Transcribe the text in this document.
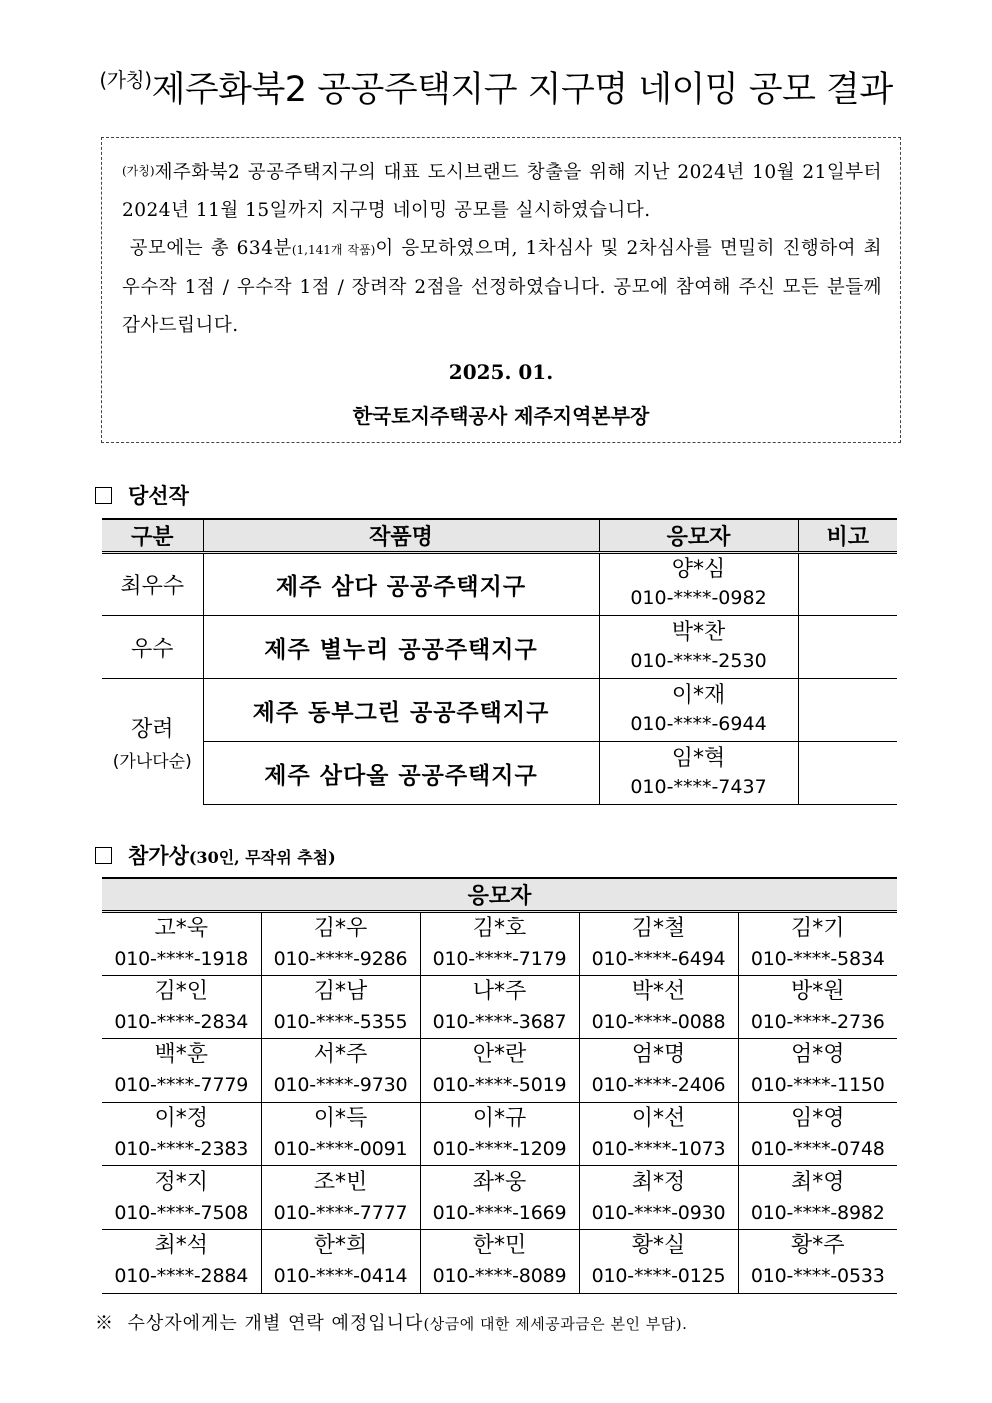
$^{(가칭)}$제주화북2 공공주택지구 지구명 네이밍 공모 결과

(가칭)제주화북2 공공주택지구의 대표 도시브랜드 창출을 위해 지난 2024년 10월 21일부터 2024년 11월 15일까지 지구명 네이밍 공모를 실시하였습니다.

공모에는 총 634분(1,141개 작품)이 응모하였으며, 1차심사 및 2차심사를 면밀히 진행하여 최우수작 1점 / 우수작 1점 / 장려작 2점을 선정하였습니다. 공모에 참여해 주신 모든 분들께 감사드립니다.

2025. 01.
한국토지주택공사 제주지역본부장
당선작
구분	작품명	응모자	비고
최우수	제주 삼다 공공주택지구	양*심
010-****-0982	

우수	제주 별누리 공공주택지구	박*찬
010-****-2530	

장려
(가나다순)	제주 동부그린 공공주택지구	이*재
010-****-6944	

	제주 삼다올 공공주택지구	임*혁
010-****-7437	

참가상(30인, 무작위 추첨)
응모자				

고*욱
010-****-1918	김*우
010-****-9286	김*호
010-****-7179	김*철
010-****-6494	김*기
010-****-5834

김*인
010-****-2834	김*남
010-****-5355	나*주
010-****-3687	박*선
010-****-0088	방*원
010-****-2736

백*훈
010-****-7779	서*주
010-****-9730	안*란
010-****-5019	엄*명
010-****-2406	엄*영
010-****-1150

이*정
010-****-2383	이*득
010-****-0091	이*규
010-****-1209	이*선
010-****-1073	임*영
010-****-0748

정*지
010-****-7508	조*빈
010-****-7777	좌*웅
010-****-1669	최*정
010-****-0930	최*영
010-****-8982

최*석
010-****-2884	한*희
010-****-0414	한*민
010-****-8089	황*실
010-****-0125	황*주
010-****-0533
※ 수상자에게는 개별 연락 예정입니다(상금에 대한 제세공과금은 본인 부담).
